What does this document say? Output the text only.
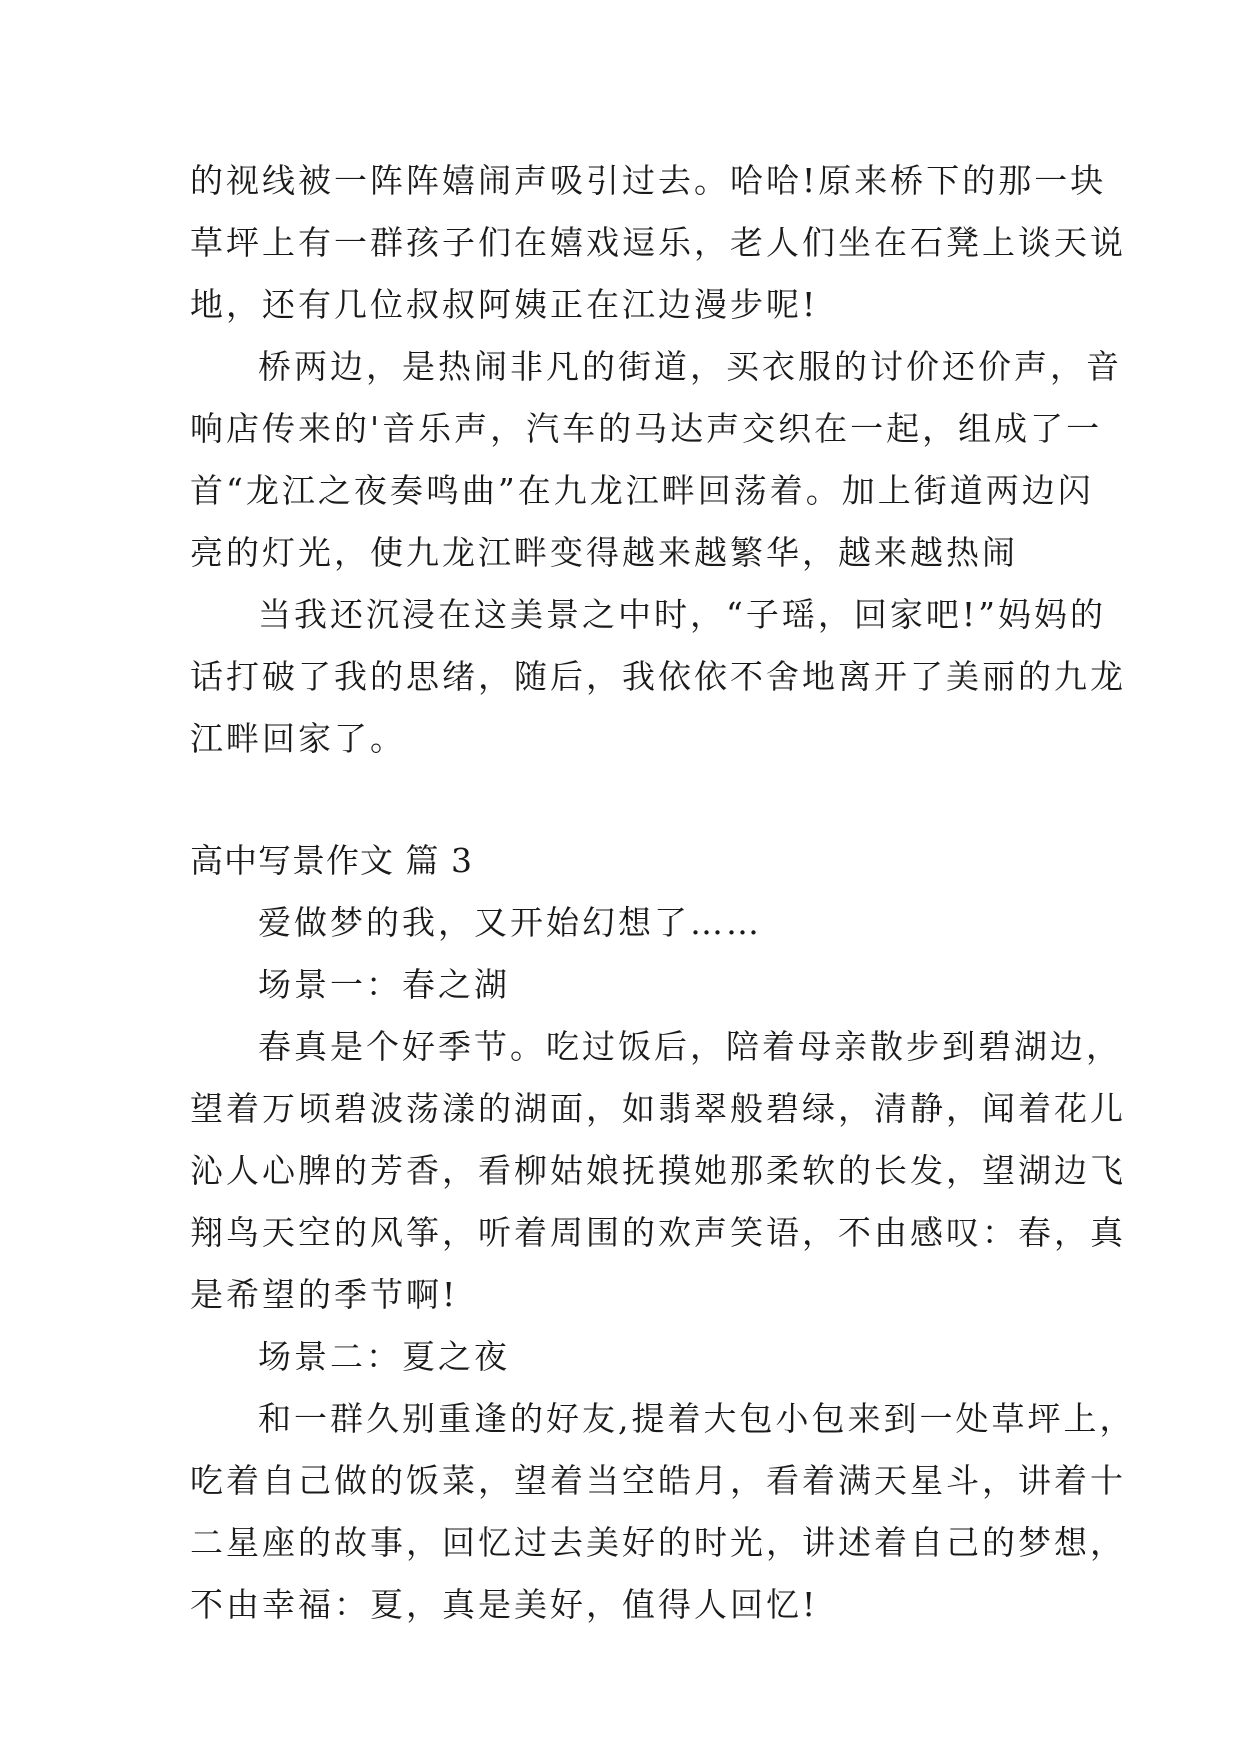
的视线被一阵阵嬉闹声吸引过去。哈哈!原来桥下的那一块
草坪上有一群孩子们在嬉戏逗乐，老人们坐在石凳上谈天说
地，还有几位叔叔阿姨正在江边漫步呢!
桥两边，是热闹非凡的街道，买衣服的讨价还价声，音
响店传来的'音乐声，汽车的马达声交织在一起，组成了一
首“龙江之夜奏鸣曲”在九龙江畔回荡着。加上街道两边闪
亮的灯光，使九龙江畔变得越来越繁华，越来越热闹
当我还沉浸在这美景之中时，“子瑶，回家吧!”妈妈的
话打破了我的思绪，随后，我依依不舍地离开了美丽的九龙
江畔回家了。
高中写景作文 篇 3
爱做梦的我，又开始幻想了……
场景一：春之湖
春真是个好季节。吃过饭后，陪着母亲散步到碧湖边，
望着万顷碧波荡漾的湖面，如翡翠般碧绿，清静，闻着花儿
沁人心脾的芳香，看柳姑娘抚摸她那柔软的长发，望湖边飞
翔鸟天空的风筝，听着周围的欢声笑语，不由感叹：春，真
是希望的季节啊!
场景二：夏之夜
和一群久别重逢的好友,提着大包小包来到一处草坪上，
吃着自己做的饭菜，望着当空皓月，看着满天星斗，讲着十
二星座的故事，回忆过去美好的时光，讲述着自己的梦想，
不由幸福：夏，真是美好，值得人回忆!
